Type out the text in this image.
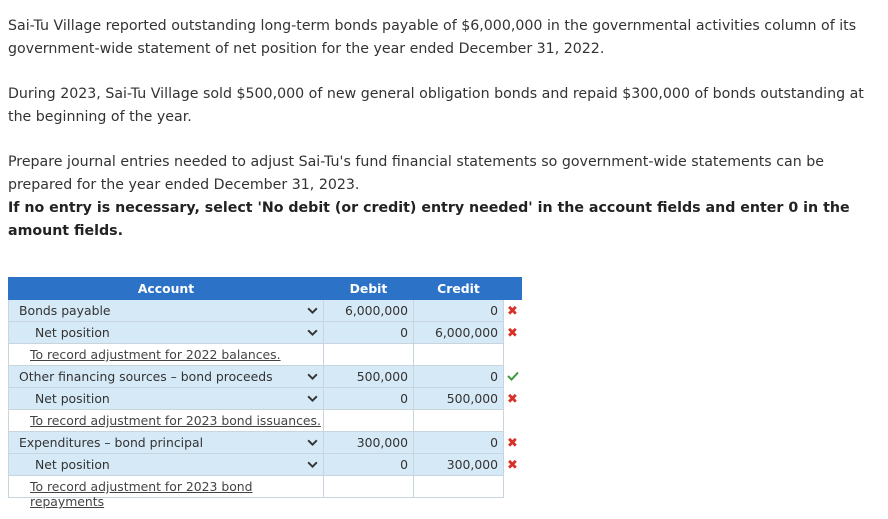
Sai-Tu Village reported outstanding long-term bonds payable of $6,000,000 in the governmental activities column of its government-wide statement of net position for the year ended December 31, 2022.
During 2023, Sai-Tu Village sold $500,000 of new general obligation bonds and repaid $300,000 of bonds outstanding at the beginning of the year.
Prepare journal entries needed to adjust Sai-Tu's fund financial statements so government-wide statements can be prepared for the year ended December 31, 2023.
If no entry is necessary, select 'No debit (or credit) entry needed' in the account fields and enter 0 in the amount fields.
Account	Debit	Credit	

Bonds payable	6,000,000	0	✖

Net position	0	6,000,000	✖

To record adjustment for 2022 balances.			

Other financing sources – bond proceeds	500,000	0	

Net position	0	500,000	✖

To record adjustment for 2023 bond issuances.			

Expenditures – bond principal	300,000	0	✖

Net position	0	300,000	✖

To record adjustment for 2023 bond repayments			
